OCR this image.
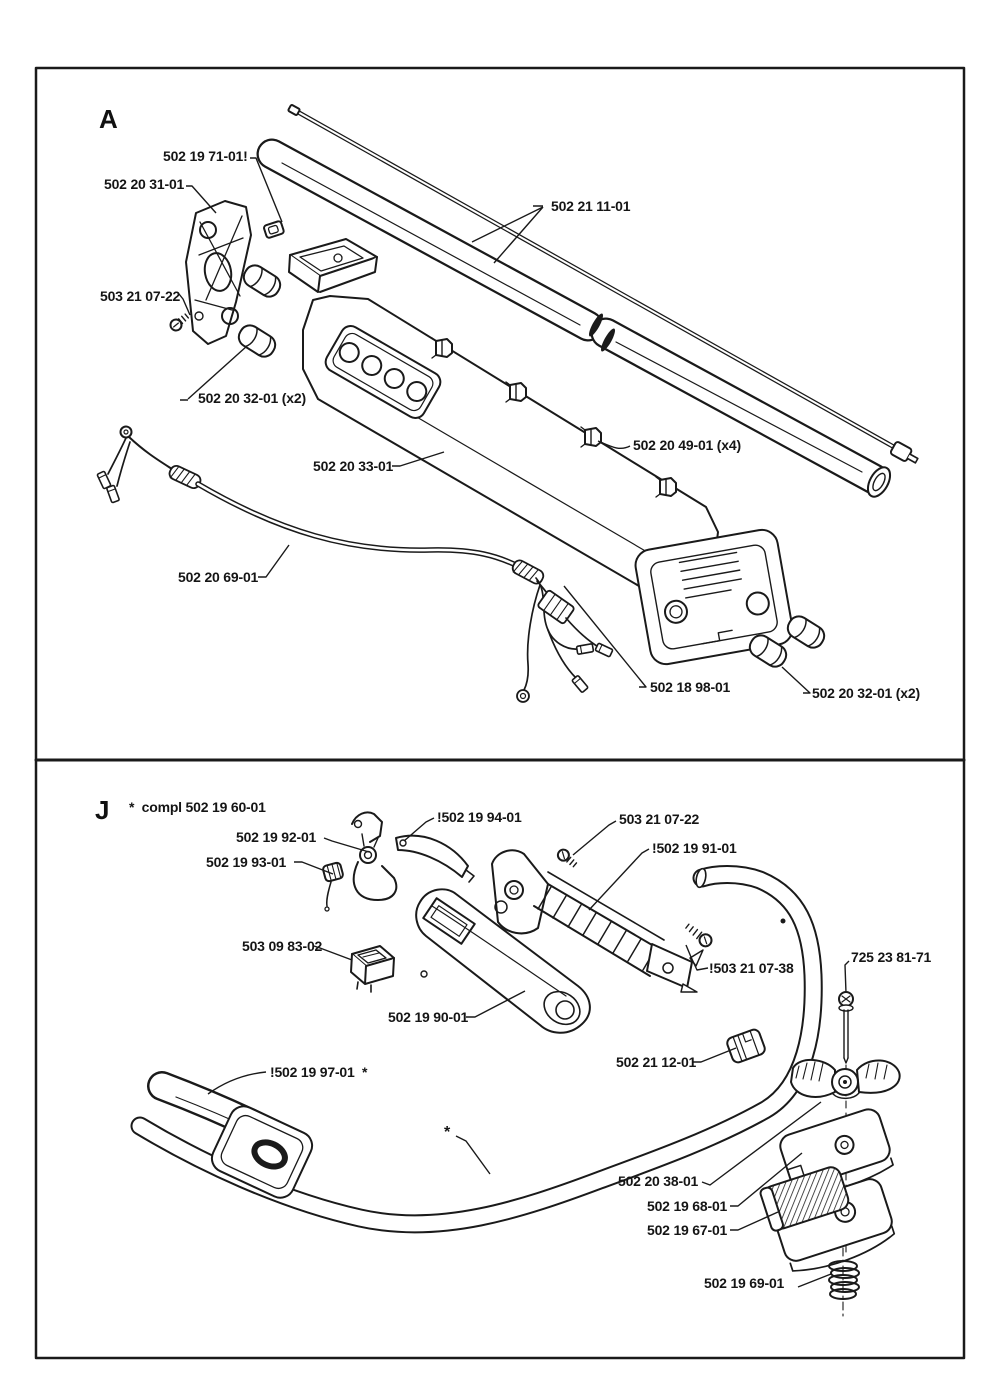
A
J *  compl 502 19 60-01
502 19 71-01!
502 20 31-01
502 21 11-01
503 21 07-22
502 20 32-01 (x2)
502 20 49-01 (x4)
502 20 33-01
502 20 69-01
502 18 98-01	502 20 32-01 (x2)
502 19 92-01
502 19 93-01
!502 19 94-01	503 21 07-22
!502 19 91-01
503 09 83-02
502 19 90-01
!503 21 07-38
725 23 81-71
502 21 12-01
!502 19 97-01  *
*
502 20 38-01
502 19 68-01
502 19 67-01
502 19 69-01
